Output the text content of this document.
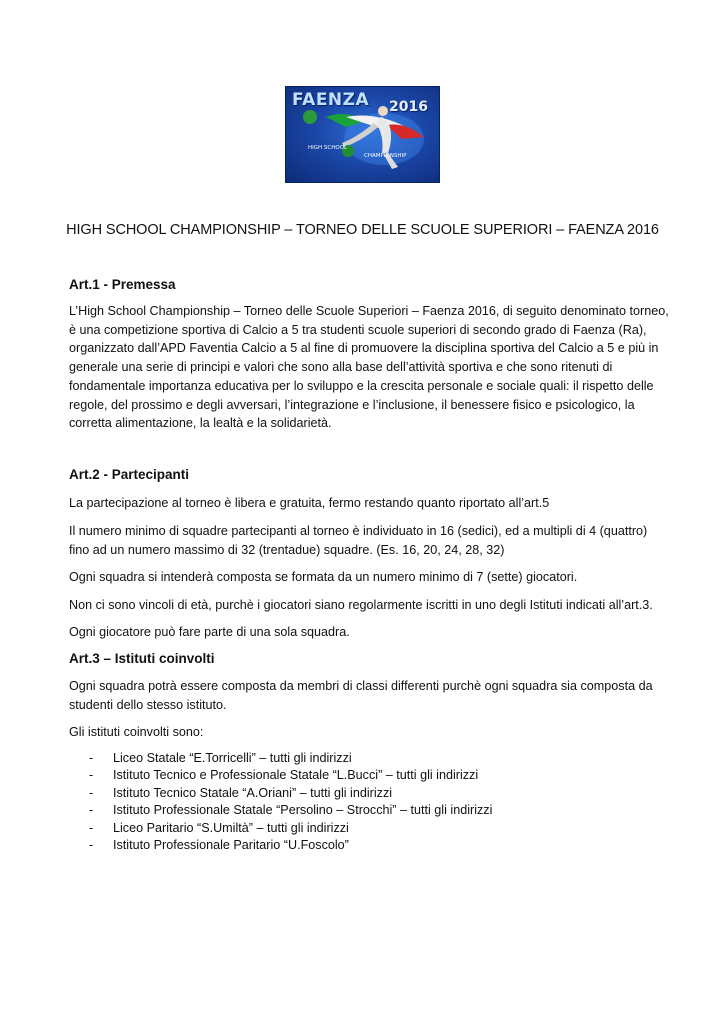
FAENZA 2016
HIGH SCHOOL
CHAMPIONSHIP
HIGH SCHOOL CHAMPIONSHIP – TORNEO DELLE SCUOLE SUPERIORI – FAENZA 2016
Art.1 - Premessa
L’High School Championship – Torneo delle Scuole Superiori – Faenza 2016, di seguito denominato torneo,
è una competizione sportiva di Calcio a 5 tra studenti scuole superiori di secondo grado di Faenza (Ra),
organizzato dall’APD Faventia Calcio a 5 al fine di promuovere la disciplina sportiva del Calcio a 5 e più in
generale una serie di principi e valori che sono alla base dell’attività sportiva e che sono ritenuti di
fondamentale importanza educativa per lo sviluppo e la crescita personale e sociale quali: il rispetto delle
regole, del prossimo e degli avversari, l’integrazione e l’inclusione, il benessere fisico e psicologico, la
corretta alimentazione, la lealtà e la solidarietà.
Art.2 - Partecipanti

La partecipazione al torneo è libera e gratuita, fermo restando quanto riportato all’art.5

Il numero minimo di squadre partecipanti al torneo è individuato in 16 (sedici), ed a multipli di 4 (quattro)
fino ad un numero massimo di 32 (trentadue) squadre. (Es. 16, 20, 24, 28, 32)

Ogni squadra si intenderà composta se formata da un numero minimo di 7 (sette) giocatori.

Non ci sono vincoli di età, purchè i giocatori siano regolarmente iscritti in uno degli Istituti indicati all’art.3.

Ogni giocatore può fare parte di una sola squadra.

Art.3 – Istituti coinvolti
Ogni squadra potrà essere composta da membri di classi differenti purchè ogni squadra sia composta da
studenti dello stesso istituto.

Gli istituti coinvolti sono:

- Liceo Statale “E.Torricelli” – tutti gli indirizzi
- Istituto Tecnico e Professionale Statale “L.Bucci” – tutti gli indirizzi
- Istituto Tecnico Statale “A.Oriani” – tutti gli indirizzi
- Istituto Professionale Statale “Persolino – Strocchi” – tutti gli indirizzi
- Liceo Paritario “S.Umiltà” – tutti gli indirizzi
- Istituto Professionale Paritario “U.Foscolo”
